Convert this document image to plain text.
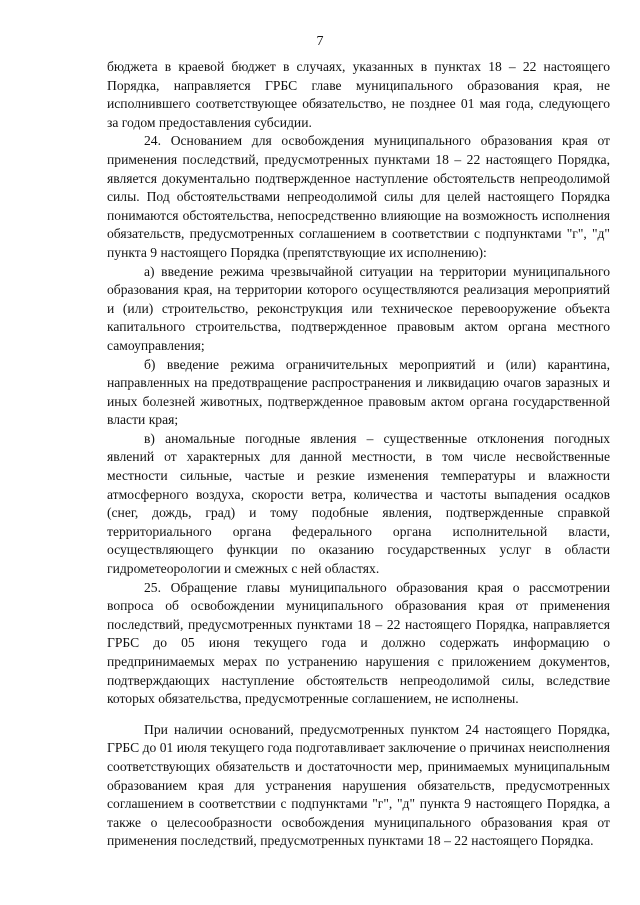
7

бюджета в краевой бюджет в случаях, указанных в пунктах 18 – 22 настоящего Порядка, направляется ГРБС главе муниципального образования края, не исполнившего соответствующее обязательство, не позднее 01 мая года, следующего за годом предоставления субсидии.

24. Основанием для освобождения муниципального образования края от применения последствий, предусмотренных пунктами 18 – 22 настоящего Порядка, является документально подтвержденное наступление обстоятельств непреодолимой силы. Под обстоятельствами непреодолимой силы для целей настоящего Порядка понимаются обстоятельства, непосредственно влияющие на возможность исполнения обязательств, предусмотренных соглашением в соответствии с подпунктами "г", "д" пункта 9 настоящего Порядка (препятствующие их исполнению):

а) введение режима чрезвычайной ситуации на территории муниципального образования края, на территории которого осуществляются реализация мероприятий и (или) строительство, реконструкция или техническое перевооружение объекта капитального строительства, подтвержденное правовым актом органа местного самоуправления;

б) введение режима ограничительных мероприятий и (или) карантина, направленных на предотвращение распространения и ликвидацию очагов заразных и иных болезней животных, подтвержденное правовым актом органа государственной власти края;

в) аномальные погодные явления – существенные отклонения погодных явлений от характерных для данной местности, в том числе несвойственные местности сильные, частые и резкие изменения температуры и влажности атмосферного воздуха, скорости ветра, количества и частоты выпадения осадков (снег, дождь, град) и тому подобные явления, подтвержденные справкой территориального органа федерального органа исполнительной власти, осуществляющего функции по оказанию государственных услуг в области гидрометеорологии и смежных с ней областях.

25. Обращение главы муниципального образования края о рассмотрении вопроса об освобождении муниципального образования края от применения последствий, предусмотренных пунктами 18 – 22 настоящего Порядка, направляется ГРБС до 05 июня текущего года и должно содержать информацию о предпринимаемых мерах по устранению нарушения с приложением документов, подтверждающих наступление обстоятельств непреодолимой силы, вследствие которых обязательства, предусмотренные соглашением, не исполнены.

При наличии оснований, предусмотренных пунктом 24 настоящего Порядка, ГРБС до 01 июля текущего года подготавливает заключение о причинах неисполнения соответствующих обязательств и достаточности мер, принимаемых муниципальным образованием края для устранения нарушения обязательств, предусмотренных соглашением в соответствии с подпунктами "г", "д" пункта 9 настоящего Порядка, а также о целесообразности освобождения муниципального образования края от применения последствий, предусмотренных пунктами 18 – 22 настоящего Порядка.
